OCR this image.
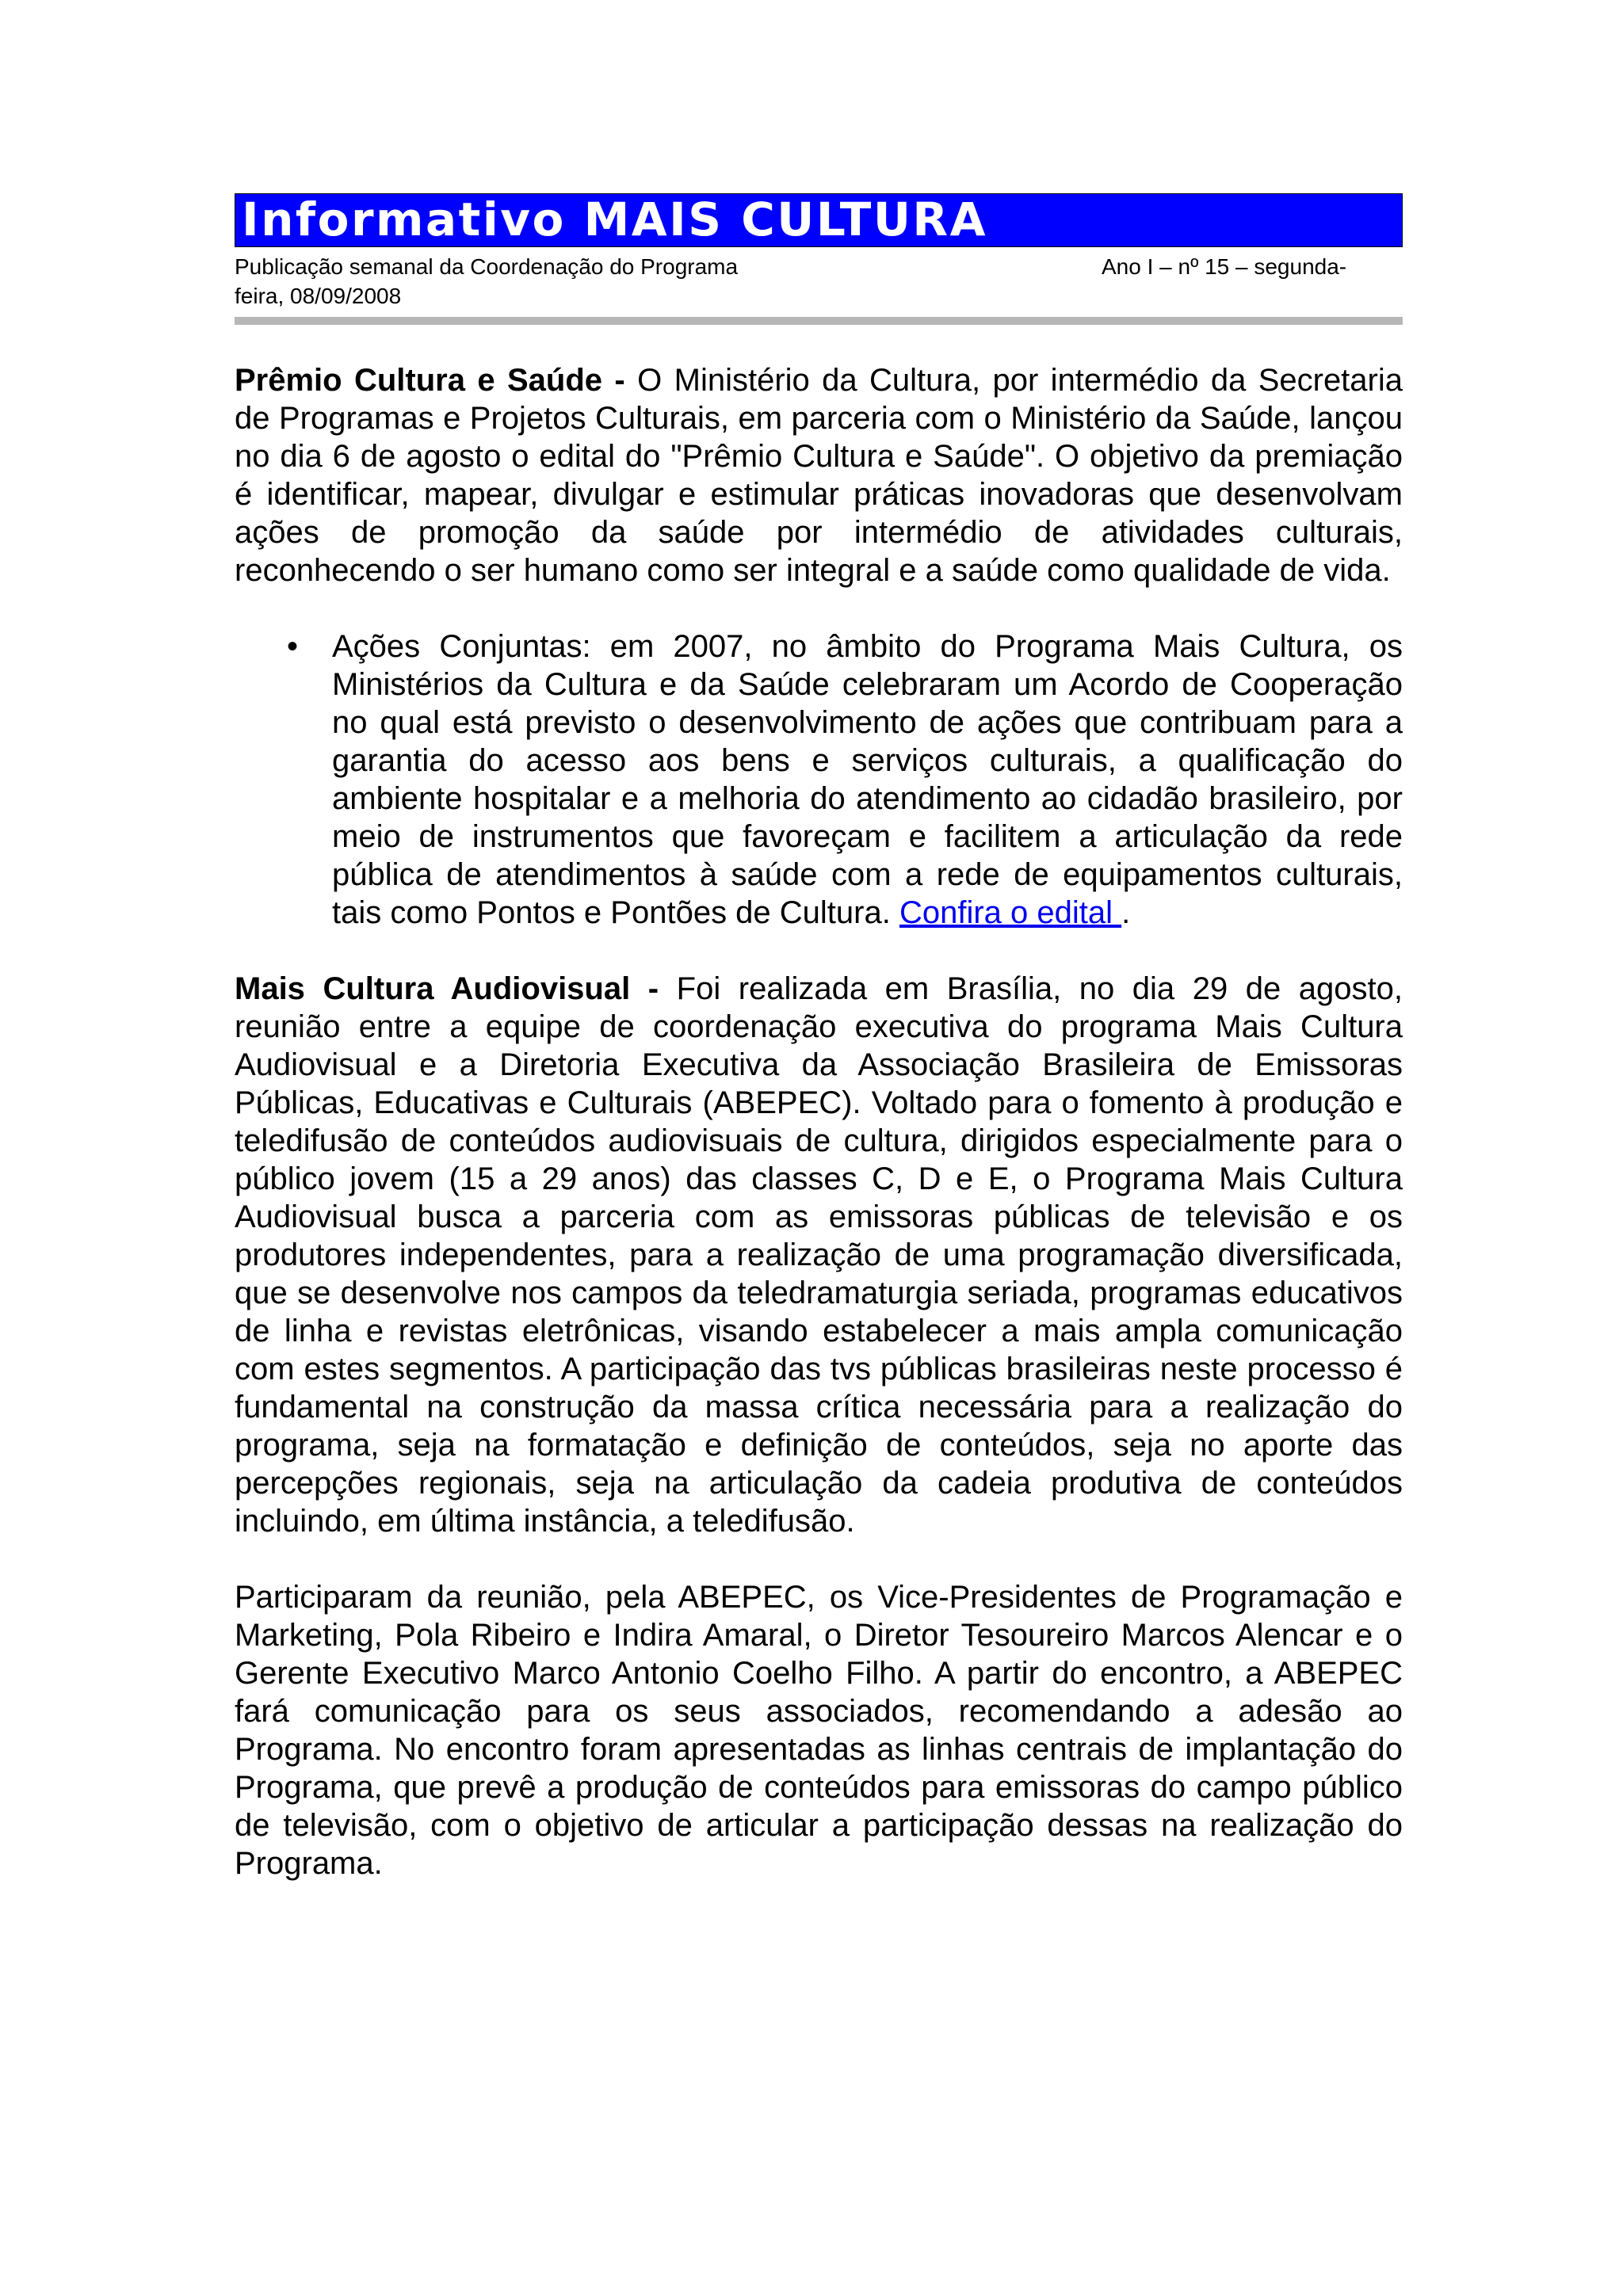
Informativo MAIS CULTURA
Publicação semanal da Coordenação do Programa
feira, 08/09/2008
Ano I – nº 15 – segunda-

Prêmio Cultura e Saúde - O Ministério da Cultura, por intermédio da Secretaria de Programas e Projetos Culturais, em parceria com o Ministério da Saúde, lançou no dia 6 de agosto o edital do "Prêmio Cultura e Saúde". O objetivo da premiação é identificar, mapear, divulgar e estimular práticas inovadoras que desenvolvam ações de promoção da saúde por intermédio de atividades culturais, reconhecendo o ser humano como ser integral e a saúde como qualidade de vida.

• Ações Conjuntas: em 2007, no âmbito do Programa Mais Cultura, os Ministérios da Cultura e da Saúde celebraram um Acordo de Cooperação no qual está previsto o desenvolvimento de ações que contribuam para a garantia do acesso aos bens e serviços culturais, a qualificação do ambiente hospitalar e a melhoria do atendimento ao cidadão brasileiro, por meio de instrumentos que favoreçam e facilitem a articulação da rede pública de atendimentos à saúde com a rede de equipamentos culturais, tais como Pontos e Pontões de Cultura. Confira o edital .

Mais Cultura Audiovisual - Foi realizada em Brasília, no dia 29 de agosto, reunião entre a equipe de coordenação executiva do programa Mais Cultura Audiovisual e a Diretoria Executiva da Associação Brasileira de Emissoras Públicas, Educativas e Culturais (ABEPEC). Voltado para o fomento à produção e teledifusão de conteúdos audiovisuais de cultura, dirigidos especialmente para o público jovem (15 a 29 anos) das classes C, D e E, o Programa Mais Cultura Audiovisual busca a parceria com as emissoras públicas de televisão e os produtores independentes, para a realização de uma programação diversificada, que se desenvolve nos campos da teledramaturgia seriada, programas educativos de linha e revistas eletrônicas, visando estabelecer a mais ampla comunicação com estes segmentos. A participação das tvs públicas brasileiras neste processo é fundamental na construção da massa crítica necessária para a realização do programa, seja na formatação e definição de conteúdos, seja no aporte das percepções regionais, seja na articulação da cadeia produtiva de conteúdos incluindo, em última instância, a teledifusão.

Participaram da reunião, pela ABEPEC, os Vice-Presidentes de Programação e Marketing, Pola Ribeiro e Indira Amaral, o Diretor Tesoureiro Marcos Alencar e o Gerente Executivo Marco Antonio Coelho Filho. A partir do encontro, a ABEPEC fará comunicação para os seus associados, recomendando a adesão ao Programa. No encontro foram apresentadas as linhas centrais de implantação do Programa, que prevê a produção de conteúdos para emissoras do campo público de televisão, com o objetivo de articular a participação dessas na realização do Programa.
